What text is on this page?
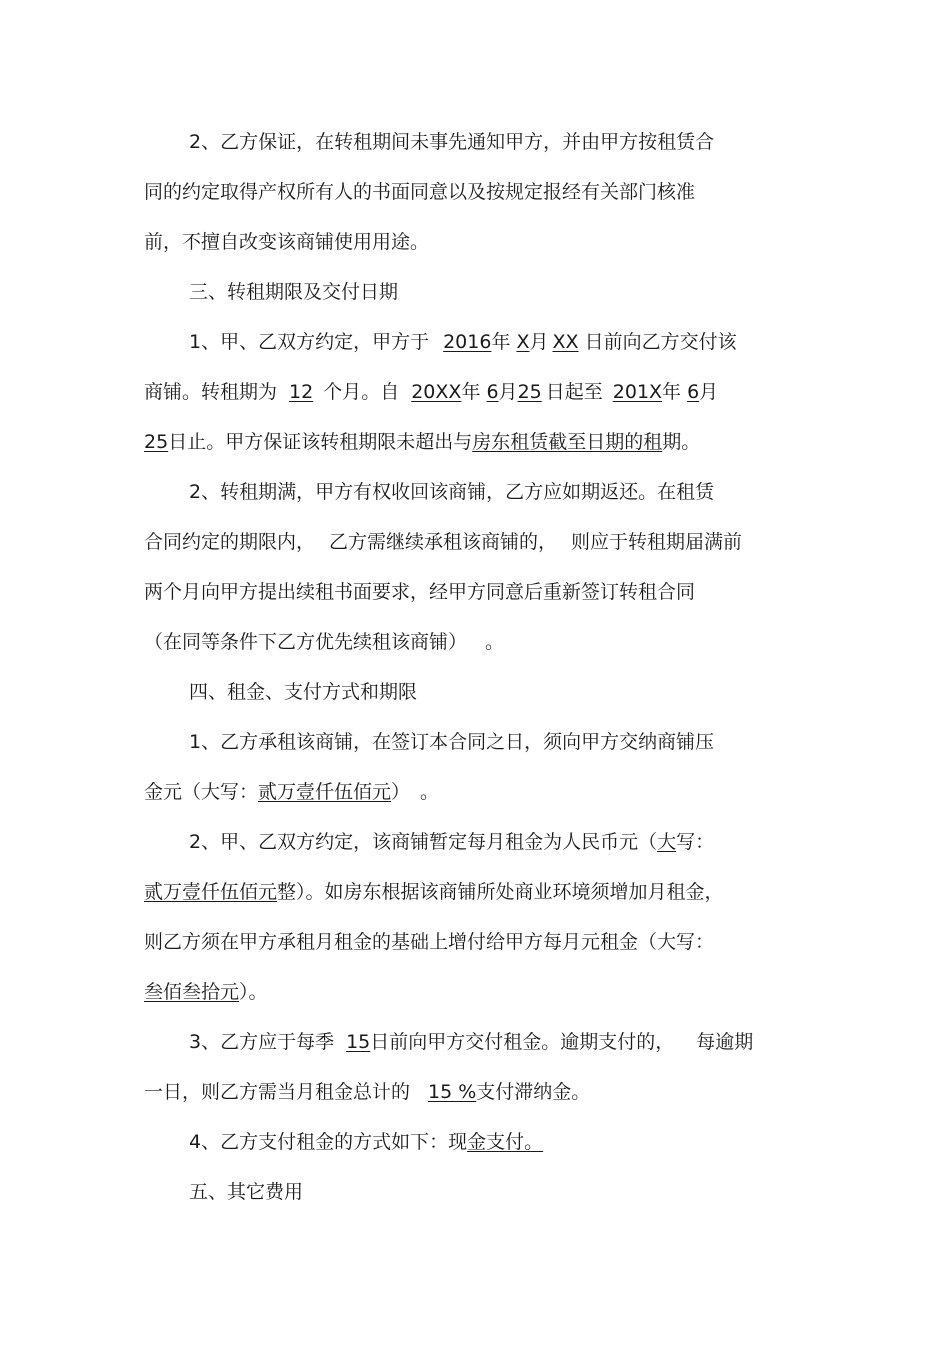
2、乙方保证，在转租期间未事先通知甲方，并由甲方按租赁合
同的约定取得产权所有人的书面同意以及按规定报经有关部门核准
前，不擅自改变该商铺使用用途。
三、转租期限及交付日期
1、甲、乙双方约定，甲方于 2016年 X月 XX 日前向乙方交付该
商铺。转租期为 12 个月。自 20XX年 6月25 日起至 201X年 6月
25日止。甲方保证该转租期限未超出与房东租赁截至日期的租期。
2、转租期满，甲方有权收回该商铺，乙方应如期返还。在租赁
合同约定的期限内， 乙方需继续承租该商铺的， 则应于转租期届满前
两个月向甲方提出续租书面要求，经甲方同意后重新签订转租合同
（在同等条件下乙方优先续租该商铺） 。
四、租金、支付方式和期限
1、乙方承租该商铺，在签订本合同之日，须向甲方交纳商铺压
金元（大写：贰万壹仟伍佰元） 。
2、甲、乙双方约定，该商铺暂定每月租金为人民币元（大写：
贰万壹仟伍佰元整）。如房东根据该商铺所处商业环境须增加月租金，
则乙方须在甲方承租月租金的基础上增付给甲方每月元租金（大写：
叁佰叁拾元）。
3、乙方应于每季 15日前向甲方交付租金。逾期支付的， 每逾期
一日，则乙方需当月租金总计的 15 %支付滞纳金。
4、乙方支付租金的方式如下：现金支付。
五、其它费用
